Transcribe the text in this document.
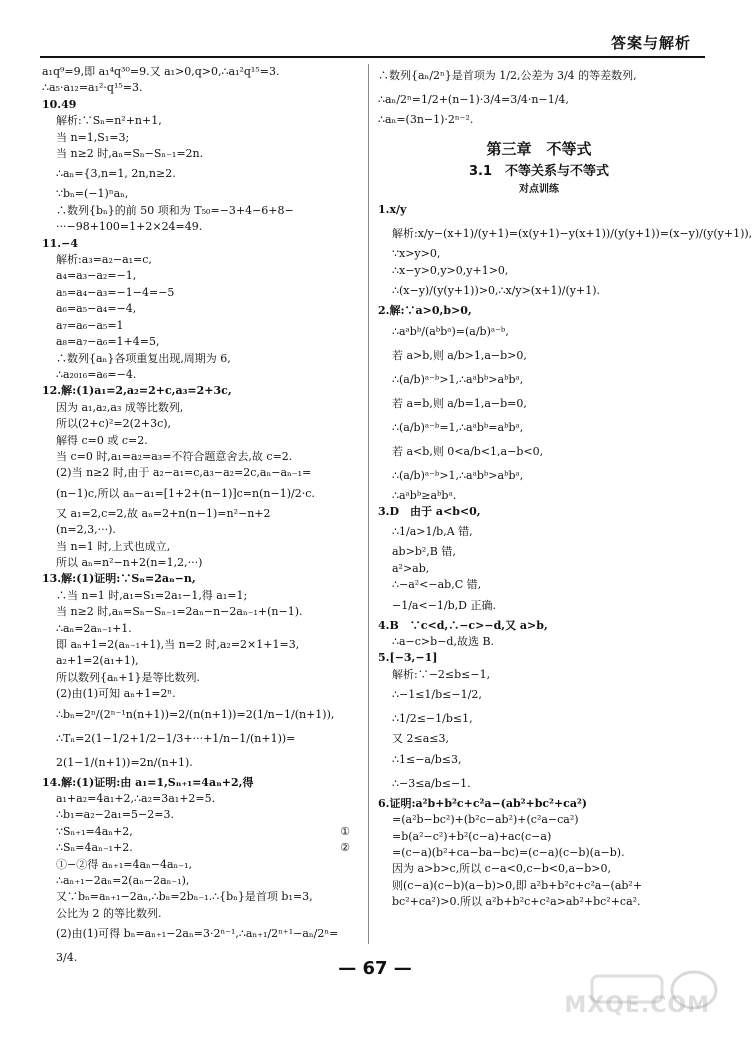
答案与解析
a₁q⁹=9,即 a₁⁴q³⁰=9.又 a₁>0,q>0,∴a₁²q¹⁵=3.
∴a₅·a₁₂=a₁²·q¹⁵=3.
10.49
解析:∵Sₙ=n²+n+1,
当 n=1,S₁=3;
当 n≥2 时,aₙ=Sₙ−Sₙ₋₁=2n.
∴aₙ={3,n=1, 2n,n≥2.
∵bₙ=(−1)ⁿaₙ,
∴数列{bₙ}的前 50 项和为 T₅₀=−3+4−6+8−
···−98+100=1+2×24=49.
11.−4
解析:a₃=a₂−a₁=c,
a₄=a₃−a₂=−1,
a₅=a₄−a₃=−1−4=−5
a₆=a₅−a₄=−4,
a₇=a₆−a₅=1
a₈=a₇−a₆=1+4=5,
∴数列{aₙ}各项重复出现,周期为 6,
∴a₂₀₁₆=a₆=−4.
12.解:(1)a₁=2,a₂=2+c,a₃=2+3c,
因为 a₁,a₂,a₃ 成等比数列,
所以(2+c)²=2(2+3c),
解得 c=0 或 c=2.
当 c=0 时,a₁=a₂=a₃=不符合题意舍去,故 c=2.
(2)当 n≥2 时,由于 a₂−a₁=c,a₃−a₂=2c,aₙ−aₙ₋₁=
(n−1)c,所以 aₙ−a₁=[1+2+(n−1)]c=n(n−1)/2·c.
又 a₁=2,c=2,故 aₙ=2+n(n−1)=n²−n+2
(n=2,3,···).
当 n=1 时,上式也成立,
所以 aₙ=n²−n+2(n=1,2,···)
13.解:(1)证明:∵Sₙ=2aₙ−n,
∴当 n=1 时,a₁=S₁=2a₁−1,得 a₁=1;
当 n≥2 时,aₙ=Sₙ−Sₙ₋₁=2aₙ−n−2aₙ₋₁+(n−1).
∴aₙ=2aₙ₋₁+1.
即 aₙ+1=2(aₙ₋₁+1),当 n=2 时,a₂=2×1+1=3,
a₂+1=2(a₁+1),
所以数列{aₙ+1}是等比数列.
(2)由(1)可知 aₙ+1=2ⁿ.
∴bₙ=2ⁿ/(2ⁿ⁻¹n(n+1))=2/(n(n+1))=2(1/n−1/(n+1)),
∴Tₙ=2(1−1/2+1/2−1/3+···+1/n−1/(n+1))=
2(1−1/(n+1))=2n/(n+1).
14.解:(1)证明:由 a₁=1,Sₙ₊₁=4aₙ+2,得
a₁+a₂=4a₁+2,∴a₂=3a₁+2=5.
∴b₁=a₂−2a₁=5−2=3.
∵Sₙ₊₁=4aₙ+2,	①
∴Sₙ=4aₙ₋₁+2.	②
①−②得 aₙ₊₁=4aₙ−4aₙ₋₁,
∴aₙ₊₁−2aₙ=2(aₙ−2aₙ₋₁),
又∵bₙ=aₙ₊₁−2aₙ,∴bₙ=2bₙ₋₁.∴{bₙ}是首项 b₁=3,
公比为 2 的等比数列.
(2)由(1)可得 bₙ=aₙ₊₁−2aₙ=3·2ⁿ⁻¹,∴aₙ₊₁/2ⁿ⁺¹−aₙ/2ⁿ=
3/4.
∴数列{aₙ/2ⁿ}是首项为 1/2,公差为 3/4 的等差数列,
∴aₙ/2ⁿ=1/2+(n−1)·3/4=3/4·n−1/4,
∴aₙ=(3n−1)·2ⁿ⁻².
第三章　不等式
3.1　不等关系与不等式
对点训练
1.x/y
解析:x/y−(x+1)/(y+1)=(x(y+1)−y(x+1))/(y(y+1))=(x−y)/(y(y+1)),
∵x>y>0,
∴x−y>0,y>0,y+1>0,
∴(x−y)/(y(y+1))>0,∴x/y>(x+1)/(y+1).
2.解:∵a>0,b>0,
∴aᵃbᵇ/(aᵇbᵃ)=(a/b)ᵃ⁻ᵇ,
若 a>b,则 a/b>1,a−b>0,
∴(a/b)ᵃ⁻ᵇ>1,∴aᵃbᵇ>aᵇbᵃ,
若 a=b,则 a/b=1,a−b=0,
∴(a/b)ᵃ⁻ᵇ=1,∴aᵃbᵇ=aᵇbᵃ,
若 a<b,则 0<a/b<1,a−b<0,
∴(a/b)ᵃ⁻ᵇ>1,∴aᵃbᵇ>aᵇbᵃ,
∴aᵃbᵇ≥aᵇbᵃ.
3.D　由于 a<b<0,
∴1/a>1/b,A 错,
ab>b²,B 错,
a²>ab,
∴−a²<−ab,C 错,
−1/a<−1/b,D 正确.
4.B　∵c<d,∴−c>−d,又 a>b,
∴a−c>b−d,故选 B.
5.[−3,−1]
解析:∵−2≤b≤−1,
∴−1≤1/b≤−1/2,
∴1/2≤−1/b≤1,
又 2≤a≤3,
∴1≤−a/b≤3,
∴−3≤a/b≤−1.
6.证明:a²b+b²c+c²a−(ab²+bc²+ca²)
=(a²b−bc²)+(b²c−ab²)+(c²a−ca²)
=b(a²−c²)+b²(c−a)+ac(c−a)
=(c−a)(b²+ca−ba−bc)=(c−a)(c−b)(a−b).
因为 a>b>c,所以 c−a<0,c−b<0,a−b>0,
则(c−a)(c−b)(a−b)>0,即 a²b+b²c+c²a−(ab²+
bc²+ca²)>0.所以 a²b+b²c+c²a>ab²+bc²+ca².
— 67 —
MXQE.COM
